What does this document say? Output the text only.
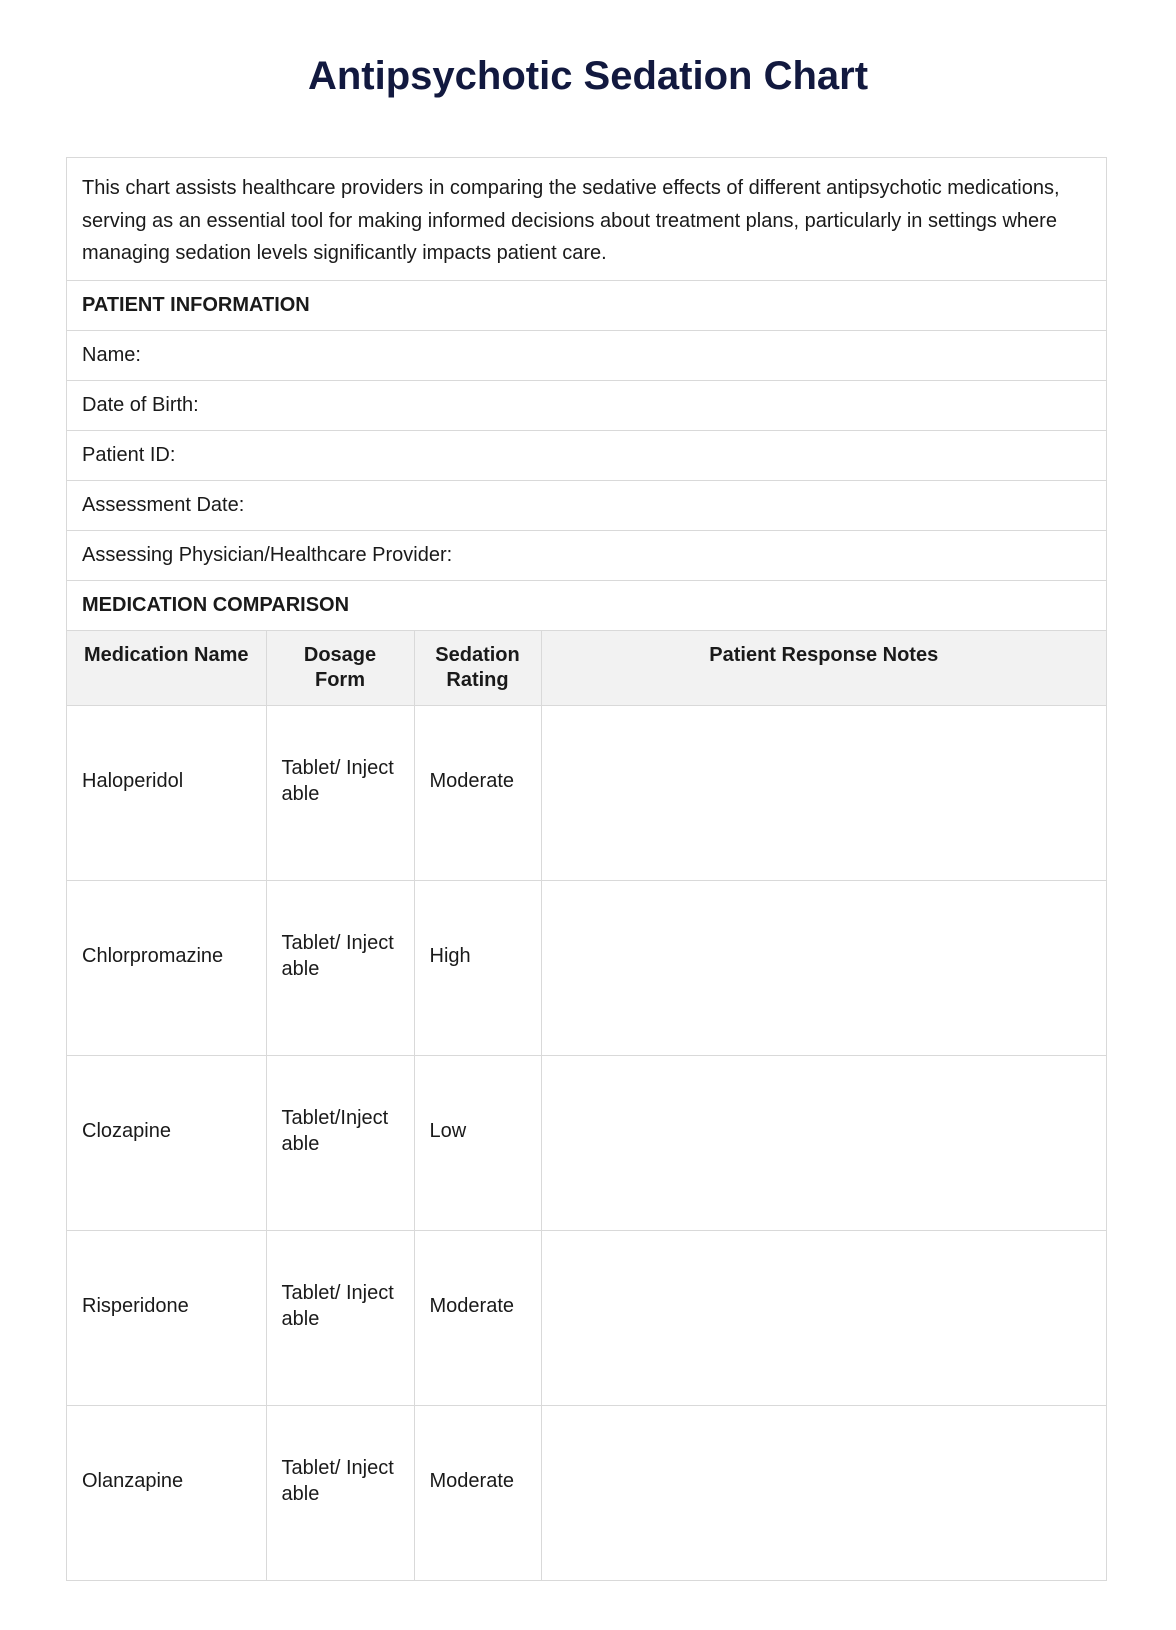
Antipsychotic Sedation Chart
This chart assists healthcare providers in comparing the sedative effects of different antipsychotic medications, serving as an essential tool for making informed decisions about treatment plans, particularly in settings where managing sedation levels significantly impacts patient care.
PATIENT INFORMATION
Name:
Date of Birth:
Patient ID:
Assessment Date:
Assessing Physician/Healthcare Provider:
MEDICATION COMPARISON
Medication Name	Dosage Form	Sedation Rating	Patient Response Notes

Haloperidol	Tablet/ Injectable	Moderate	

Chlorpromazine	Tablet/ Injectable	High	

Clozapine	Tablet/Injectable	Low	

Risperidone	Tablet/ Injectable	Moderate	

Olanzapine	Tablet/ Injectable	Moderate	
